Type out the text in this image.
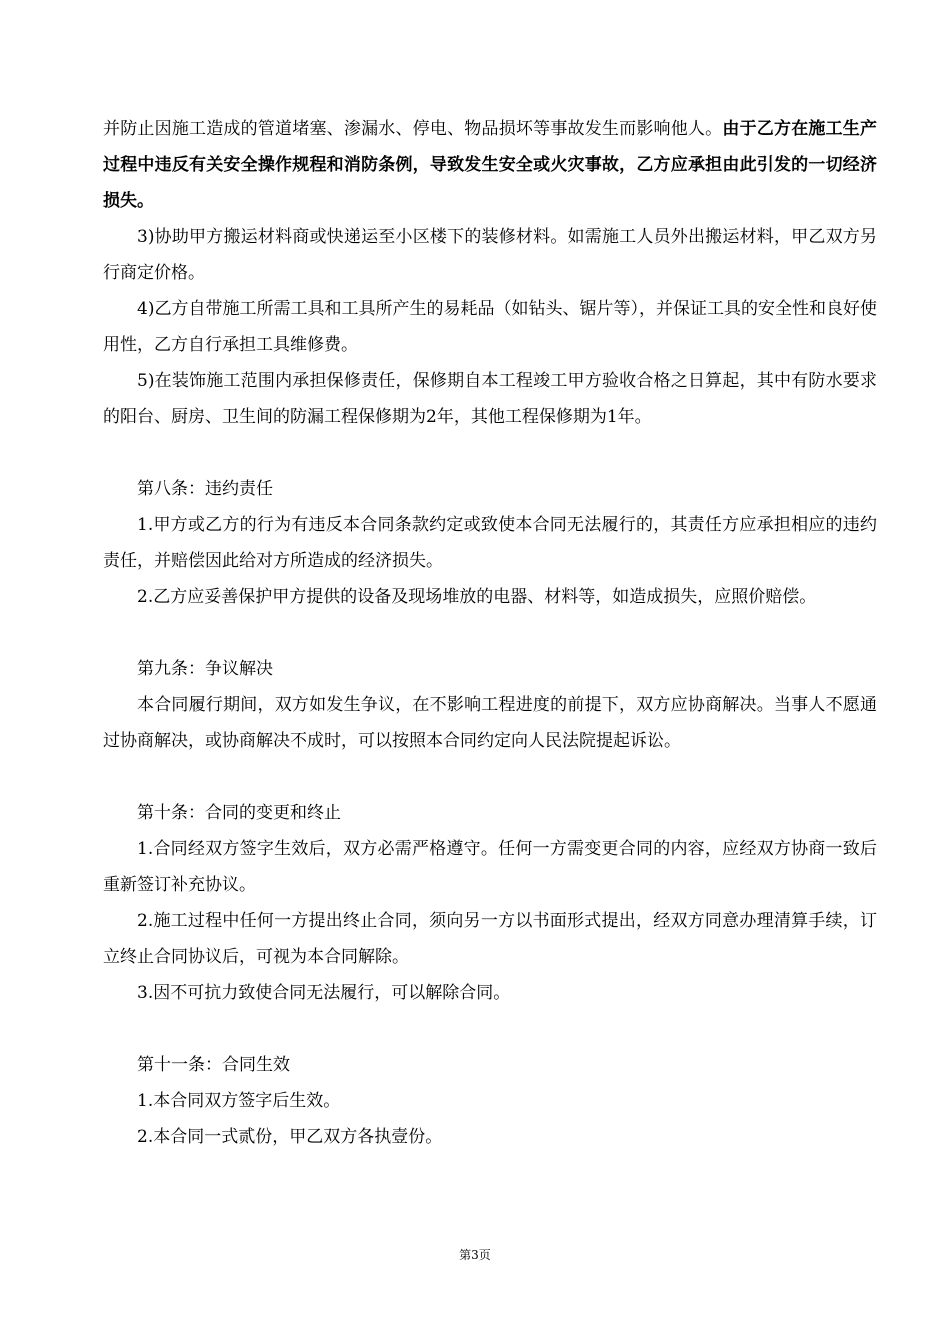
并防止因施工造成的管道堵塞、渗漏水、停电、物品损坏等事故发生而影响他人。由于乙方在施工生产过程中违反有关安全操作规程和消防条例，导致发生安全或火灾事故，乙方应承担由此引发的一切经济损失。

3)协助甲方搬运材料商或快递运至小区楼下的装修材料。如需施工人员外出搬运材料，甲乙双方另行商定价格。

4)乙方自带施工所需工具和工具所产生的易耗品（如钻头、锯片等），并保证工具的安全性和良好使用性，乙方自行承担工具维修费。

5)在装饰施工范围内承担保修责任，保修期自本工程竣工甲方验收合格之日算起，其中有防水要求的阳台、厨房、卫生间的防漏工程保修期为2年，其他工程保修期为1年。

第八条：违约责任

1.甲方或乙方的行为有违反本合同条款约定或致使本合同无法履行的，其责任方应承担相应的违约责任，并赔偿因此给对方所造成的经济损失。

2.乙方应妥善保护甲方提供的设备及现场堆放的电器、材料等，如造成损失，应照价赔偿。

第九条：争议解决

本合同履行期间，双方如发生争议，在不影响工程进度的前提下，双方应协商解决。当事人不愿通过协商解决，或协商解决不成时，可以按照本合同约定向人民法院提起诉讼。

第十条：合同的变更和终止

1.合同经双方签字生效后，双方必需严格遵守。任何一方需变更合同的内容，应经双方协商一致后重新签订补充协议。

2.施工过程中任何一方提出终止合同，须向另一方以书面形式提出，经双方同意办理清算手续，订立终止合同协议后，可视为本合同解除。

3.因不可抗力致使合同无法履行，可以解除合同。

第十一条：合同生效

1.本合同双方签字后生效。

2.本合同一式贰份，甲乙双方各执壹份。

第3页
